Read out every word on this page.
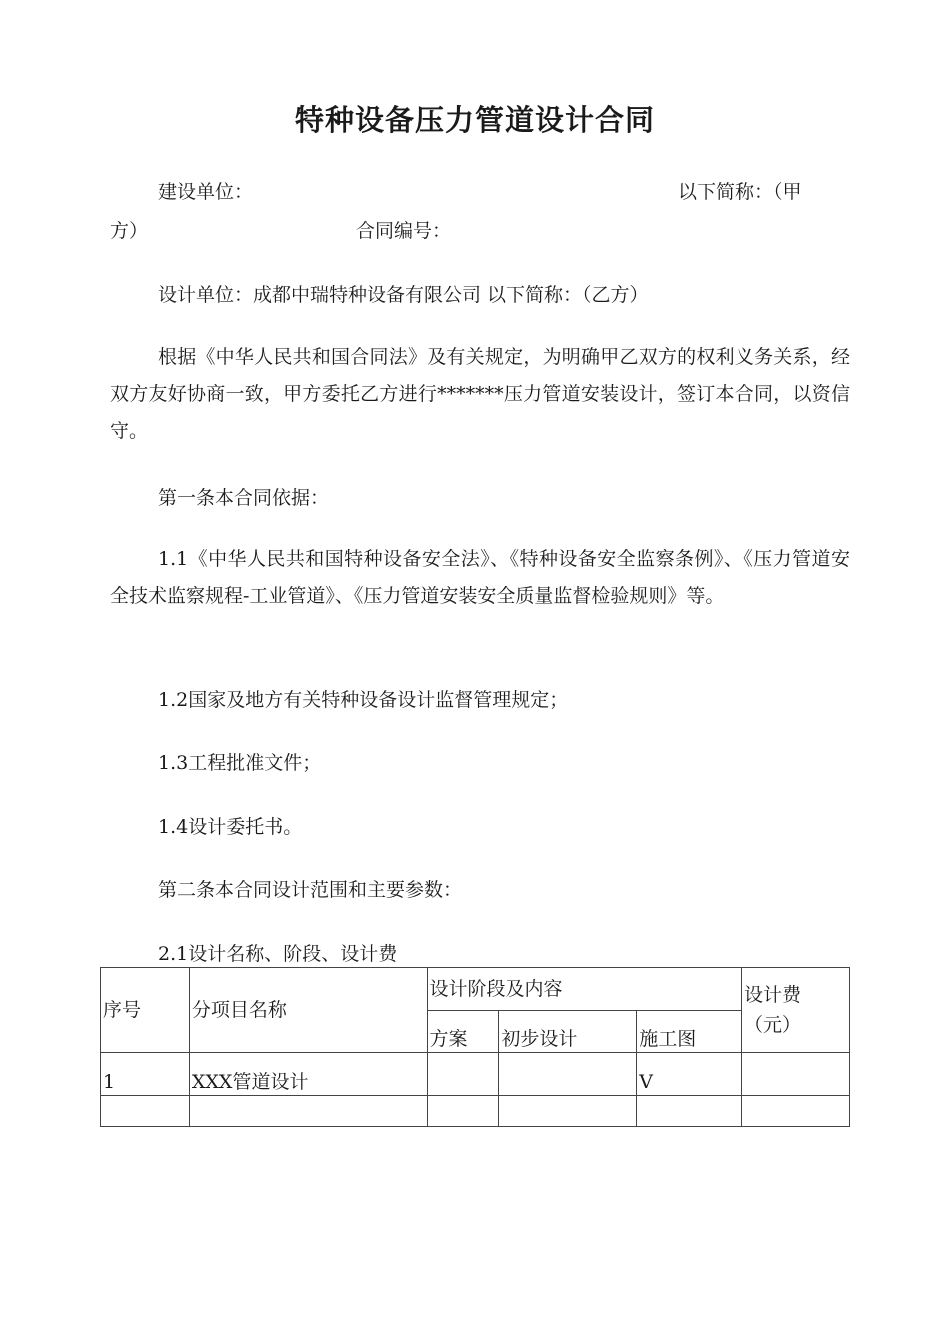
特种设备压力管道设计合同
建设单位：	以下简称：（甲
方）	合同编号：
设计单位：成都中瑞特种设备有限公司 以下简称：（乙方）
根据《中华人民共和国合同法》及有关规定，为明确甲乙双方的权利义务关系，经双方友好协商一致，甲方委托乙方进行*******压力管道安装设计，签订本合同，以资信守。
第一条本合同依据：
1.1《中华人民共和国特种设备安全法》、《特种设备安全监察条例》、《压力管道安全技术监察规程-工业管道》、《压力管道安装安全质量监督检验规则》等。
1.2国家及地方有关特种设备设计监督管理规定；
1.3工程批准文件；
1.4设计委托书。
第二条本合同设计范围和主要参数：
2.1设计名称、阶段、设计费
序号	分项目名称	设计阶段及内容			设计费
（元）

		方案	初步设计	施工图	
1	XXX管道设计			V	
